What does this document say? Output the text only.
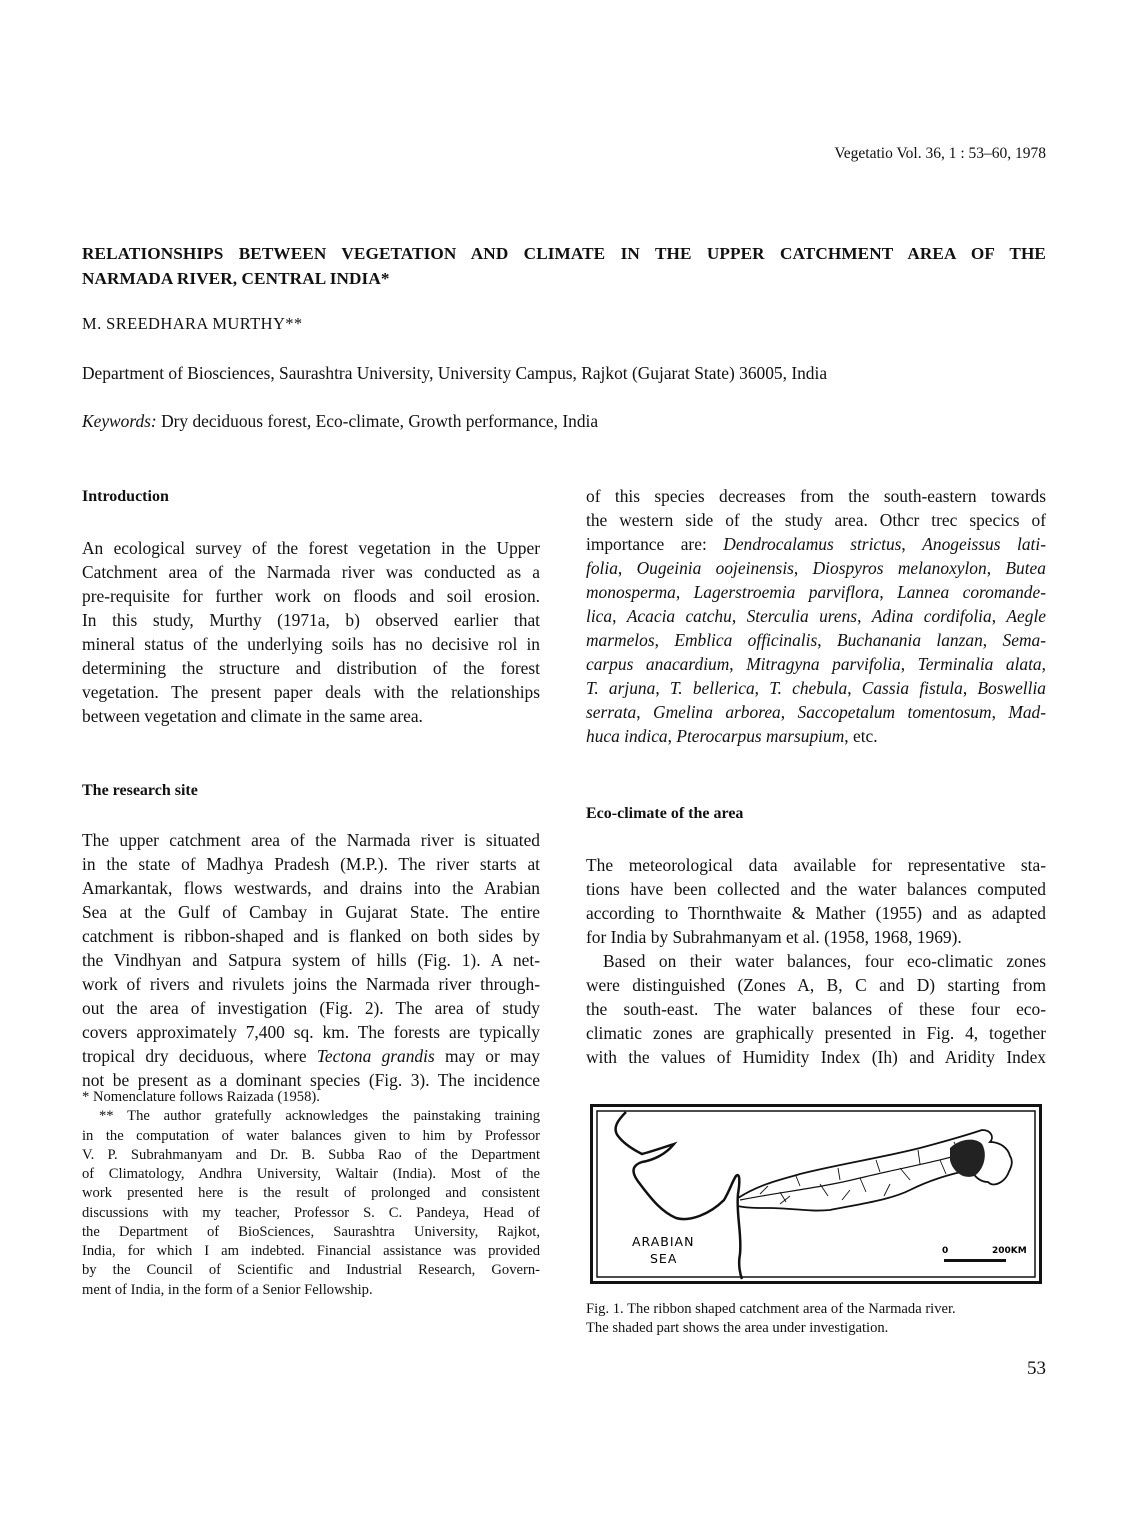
Vegetatio Vol. 36, 1 : 53–60, 1978
RELATIONSHIPS BETWEEN VEGETATION AND CLIMATE IN THE UPPER CATCHMENT AREA OF THE
NARMADA RIVER, CENTRAL INDIA*
M. SREEDHARA MURTHY**
Department of Biosciences, Saurashtra University, University Campus, Rajkot (Gujarat State) 36005, India
Keywords: Dry deciduous forest, Eco-climate, Growth performance, India
Introduction
An ecological survey of the forest vegetation in the Upper
Catchment area of the Narmada river was conducted as a
pre-requisite for further work on floods and soil erosion.
In this study, Murthy (1971a, b) observed earlier that
mineral status of the underlying soils has no decisive rol in
determining the structure and distribution of the forest
vegetation. The present paper deals with the relationships
between vegetation and climate in the same area.
The research site
The upper catchment area of the Narmada river is situated
in the state of Madhya Pradesh (M.P.). The river starts at
Amarkantak, flows westwards, and drains into the Arabian
Sea at the Gulf of Cambay in Gujarat State. The entire
catchment is ribbon-shaped and is flanked on both sides by
the Vindhyan and Satpura system of hills (Fig. 1). A net-
work of rivers and rivulets joins the Narmada river through-
out the area of investigation (Fig. 2). The area of study
covers approximately 7,400 sq. km. The forests are typically
tropical dry deciduous, where Tectona grandis may or may
not be present as a dominant species (Fig. 3). The incidence
* Nomenclature follows Raizada (1958).
** The author gratefully acknowledges the painstaking training
in the computation of water balances given to him by Professor
V. P. Subrahmanyam and Dr. B. Subba Rao of the Department
of Climatology, Andhra University, Waltair (India). Most of the
work presented here is the result of prolonged and consistent
discussions with my teacher, Professor S. C. Pandeya, Head of
the Department of BioSciences, Saurashtra University, Rajkot,
India, for which I am indebted. Financial assistance was provided
by the Council of Scientific and Industrial Research, Govern-
ment of India, in the form of a Senior Fellowship.
of this species decreases from the south-eastern towards
the western side of the study area. Othcr trec specics of
importance are: Dendrocalamus strictus, Anogeissus lati-
folia, Ougeinia oojeinensis, Diospyros melanoxylon, Butea
monosperma, Lagerstroemia parviflora, Lannea coromande-
lica, Acacia catchu, Sterculia urens, Adina cordifolia, Aegle
marmelos, Emblica officinalis, Buchanania lanzan, Sema-
carpus anacardium, Mitragyna parvifolia, Terminalia alata,
T. arjuna, T. bellerica, T. chebula, Cassia fistula, Boswellia
serrata, Gmelina arborea, Saccopetalum tomentosum, Mad-
huca indica, Pterocarpus marsupium, etc.
Eco-climate of the area
The meteorological data available for representative sta-
tions have been collected and the water balances computed
according to Thornthwaite & Mather (1955) and as adapted
for India by Subrahmanyam et al. (1958, 1968, 1969).
Based on their water balances, four eco-climatic zones
were distinguished (Zones A, B, C and D) starting from
the south-east. The water balances of these four eco-
climatic zones are graphically presented in Fig. 4, together
with the values of Humidity Index (Ih) and Aridity Index
ARABIAN
SEA	0	200KM
Fig. 1. The ribbon shaped catchment area of the Narmada river.
The shaded part shows the area under investigation.
53
